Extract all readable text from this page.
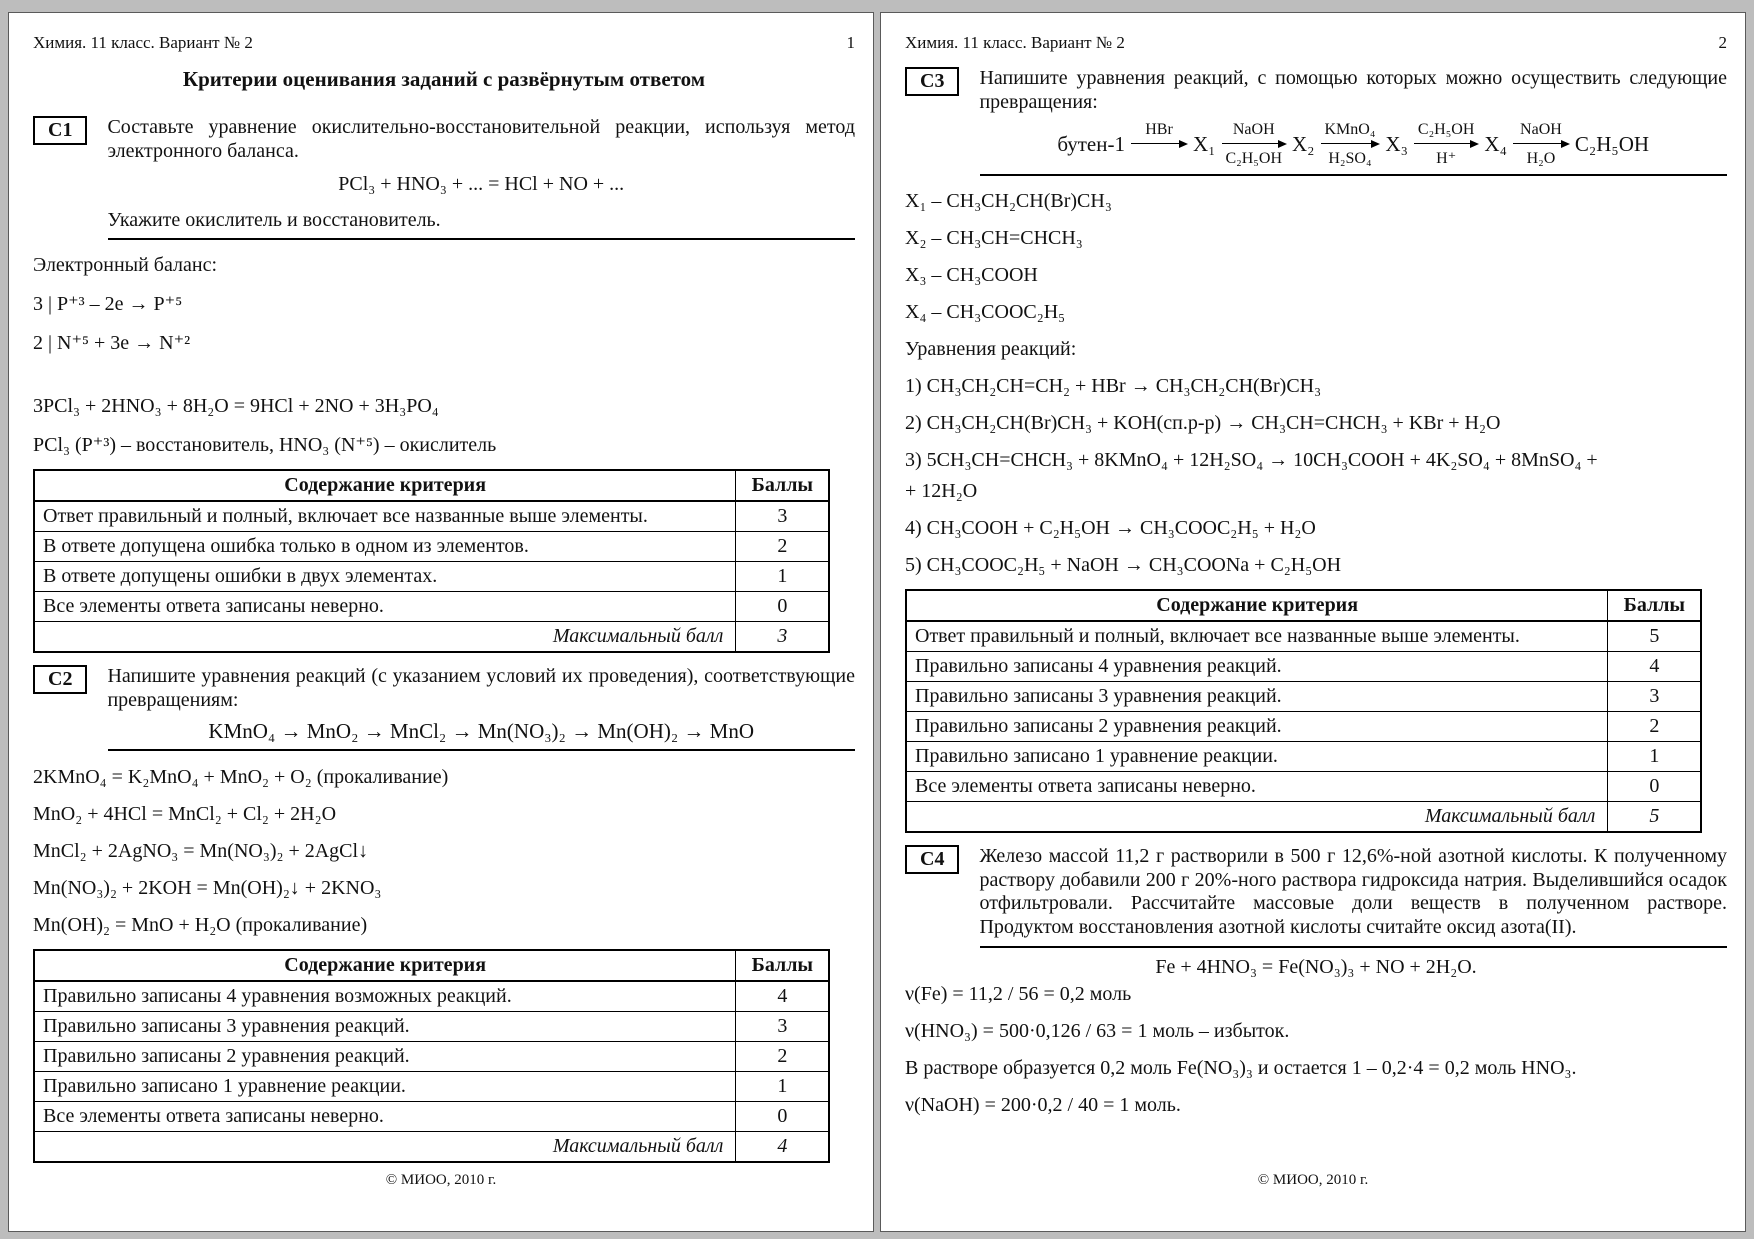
Химия. 11 класс. Вариант № 2	1
Критерии оценивания заданий с развёрнутым ответом
C1	Составьте уравнение окислительно-восстановительной реакции, используя метод электронного баланса.
PCl₃ + HNO₃ + ... = HCl + NO + ...
Укажите окислитель и восстановитель.
Электронный баланс:
3 | P⁺³ – 2e → P⁺⁵
2 | N⁺⁵ + 3e → N⁺²
3PCl₃ + 2HNO₃ + 8H₂O = 9HCl + 2NO + 3H₃PO₄
PCl₃ (P⁺³) – восстановитель, HNO₃ (N⁺⁵) – окислитель
Содержание критерия	Баллы
Ответ правильный и полный, включает все названные выше элементы.	3
В ответе допущена ошибка только в одном из элементов.	2
В ответе допущены ошибки в двух элементах.	1
Все элементы ответа записаны неверно.	0
Максимальный балл	3
C2	Напишите уравнения реакций (с указанием условий их проведения), соответствующие превращениям:
KMnO₄ → MnO₂ → MnCl₂ → Mn(NO₃)₂ → Mn(OH)₂ → MnO
2KMnO₄ = K₂MnO₄ + MnO₂ + O₂ (прокаливание)
MnO₂ + 4HCl = MnCl₂ + Cl₂ + 2H₂O
MnCl₂ + 2AgNO₃ = Mn(NO₃)₂ + 2AgCl↓
Mn(NO₃)₂ + 2KOH = Mn(OH)₂↓ + 2KNO₃
Mn(OH)₂ = MnO + H₂O (прокаливание)
Содержание критерия	Баллы
Правильно записаны 4 уравнения возможных реакций.	4
Правильно записаны 3 уравнения реакций.	3
Правильно записаны 2 уравнения реакций.	2
Правильно записано 1 уравнение реакции.	1
Все элементы ответа записаны неверно.	0
Максимальный балл	4
© МИОО, 2010 г.
Химия. 11 класс. Вариант № 2	2
C3	Напишите уравнения реакций, с помощью которых можно осуществить следующие превращения:
бутен-1
HBr
X₁
NaOH
C₂H₅OH
X₂
KMnO₄
H₂SO₄
X₃
C₂H₅OH
H⁺
X₄
NaOH
H₂O
C₂H₅OH
X₁ – CH₃CH₂CH(Br)CH₃
X₂ – CH₃CH=CHCH₃
X₃ – CH₃COOH
X₄ – CH₃COOC₂H₅
Уравнения реакций:
1) CH₃CH₂CH=CH₂ + HBr → CH₃CH₂CH(Br)CH₃
2) CH₃CH₂CH(Br)CH₃ + KOH(сп.р-р) → CH₃CH=CHCH₃ + KBr + H₂O
3) 5CH₃CH=CHCH₃ + 8KMnO₄ + 12H₂SO₄ → 10CH₃COOH + 4K₂SO₄ + 8MnSO₄ +
+ 12H₂O
4) CH₃COOH + C₂H₅OH → CH₃COOC₂H₅ + H₂O
5) CH₃COOC₂H₅ + NaOH → CH₃COONa + C₂H₅OH
Содержание критерия	Баллы
Ответ правильный и полный, включает все названные выше элементы.	5
Правильно записаны 4 уравнения реакций.	4
Правильно записаны 3 уравнения реакций.	3
Правильно записаны 2 уравнения реакций.	2
Правильно записано 1 уравнение реакции.	1
Все элементы ответа записаны неверно.	0
Максимальный балл	5
C4	Железо массой 11,2 г растворили в 500 г 12,6%-ной азотной кислоты. К полученному раствору добавили 200 г 20%-ного раствора гидроксида натрия. Выделившийся осадок отфильтровали. Рассчитайте массовые доли веществ в полученном растворе. Продуктом восстановления азотной кислоты считайте оксид азота(II).
Fe + 4HNO₃ = Fe(NO₃)₃ + NO + 2H₂O.
ν(Fe) = 11,2 / 56 = 0,2 моль
ν(HNO₃) = 500·0,126 / 63 = 1 моль – избыток.
В растворе образуется 0,2 моль Fe(NO₃)₃ и остается 1 – 0,2·4 = 0,2 моль HNO₃.
ν(NaOH) = 200·0,2 / 40 = 1 моль.
© МИОО, 2010 г.
